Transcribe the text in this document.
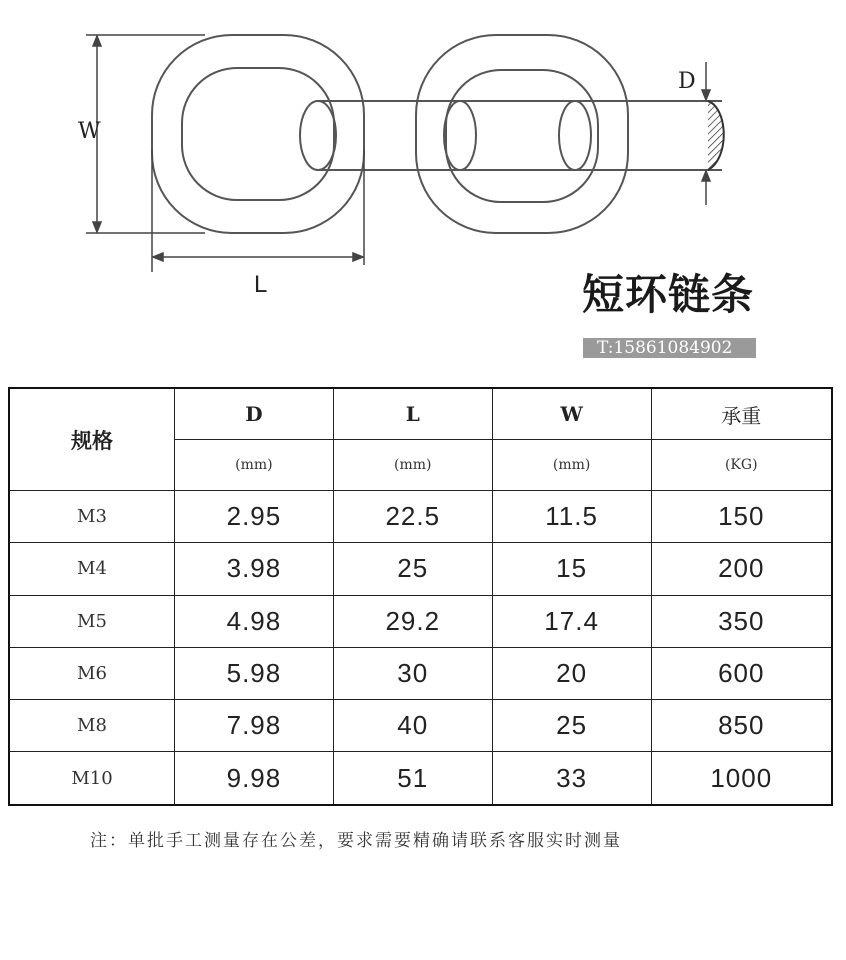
W
L
D
短环链条
T:15861084902
规格	D	L	W	承重
	(mm)	(mm)	(mm)	(KG)
M3	2.95	22.5	11.5	150
M4	3.98	25	15	200
M5	4.98	29.2	17.4	350
M6	5.98	30	20	600
M8	7.98	40	25	850
M10	9.98	51	33	1000
注：单批手工测量存在公差，要求需要精确请联系客服实时测量
